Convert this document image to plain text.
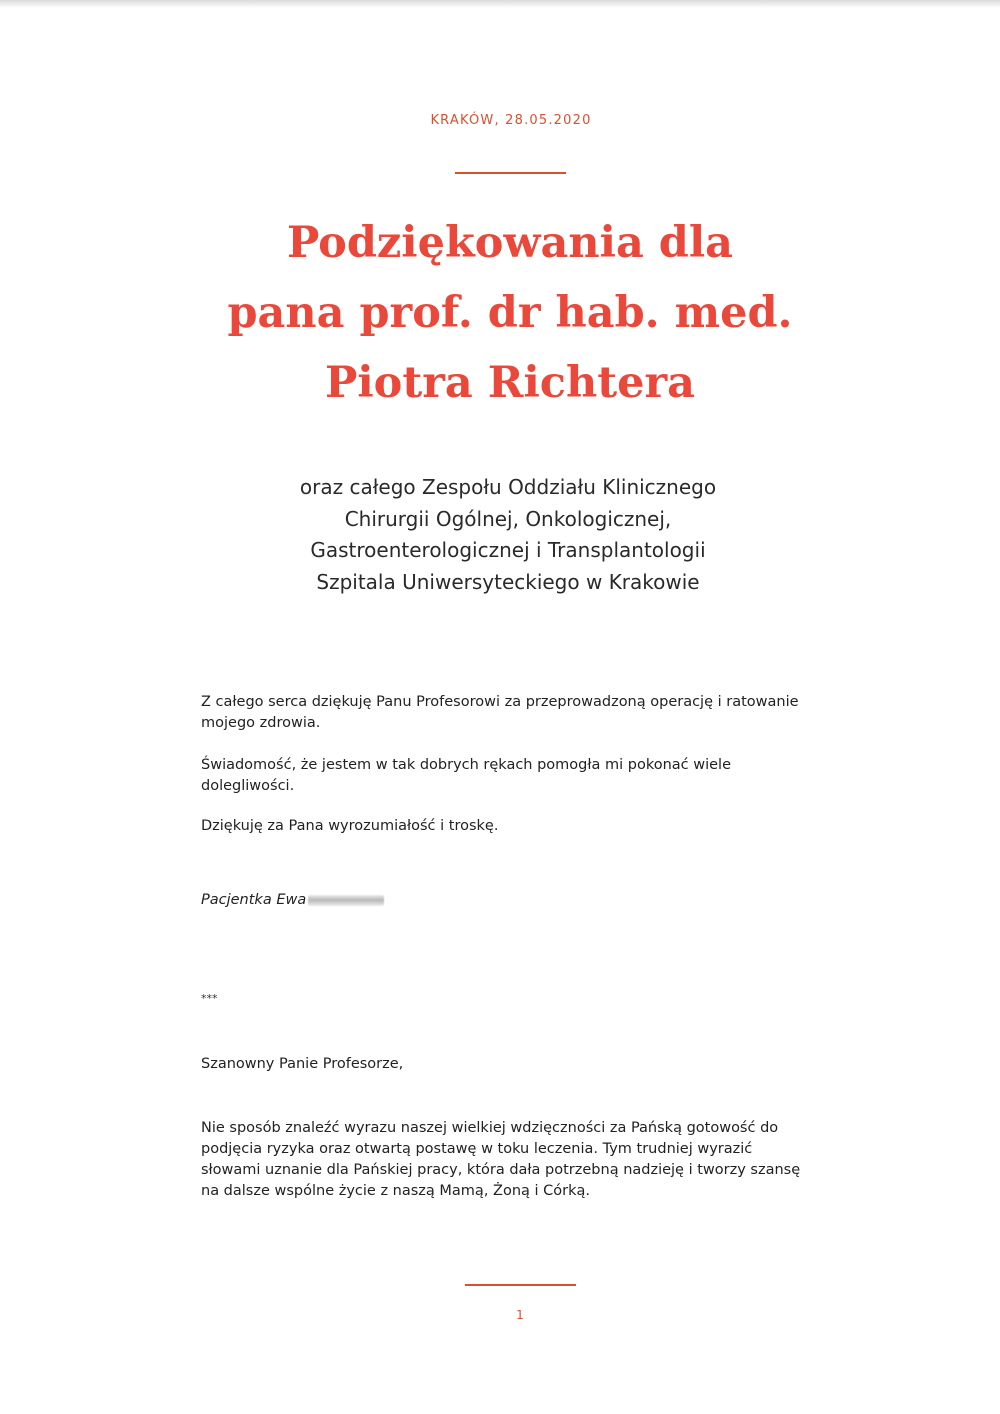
KRAKÓW, 28.05.2020
Podziękowania dla
pana prof. dr hab. med.
Piotra Richtera
oraz całego Zespołu Oddziału Klinicznego
Chirurgii Ogólnej, Onkologicznej,
Gastroenterologicznej i Transplantologii
Szpitala Uniwersyteckiego w Krakowie

Z całego serca dziękuję Panu Profesorowi za przeprowadzoną operację i ratowanie mojego zdrowia.

Świadomość, że jestem w tak dobrych rękach pomogła mi pokonać wiele dolegliwości.

Dziękuję za Pana wyrozumiałość i troskę.

Pacjentka Ewa
***

Szanowny Panie Profesorze,

Nie sposób znaleźć wyrazu naszej wielkiej wdzięczności za Pańską gotowość do podjęcia ryzyka oraz otwartą postawę w toku leczenia. Tym trudniej wyrazić słowami uznanie dla Pańskiej pracy, która dała potrzebną nadzieję i tworzy szansę na dalsze wspólne życie z naszą Mamą, Żoną i Córką.

1
